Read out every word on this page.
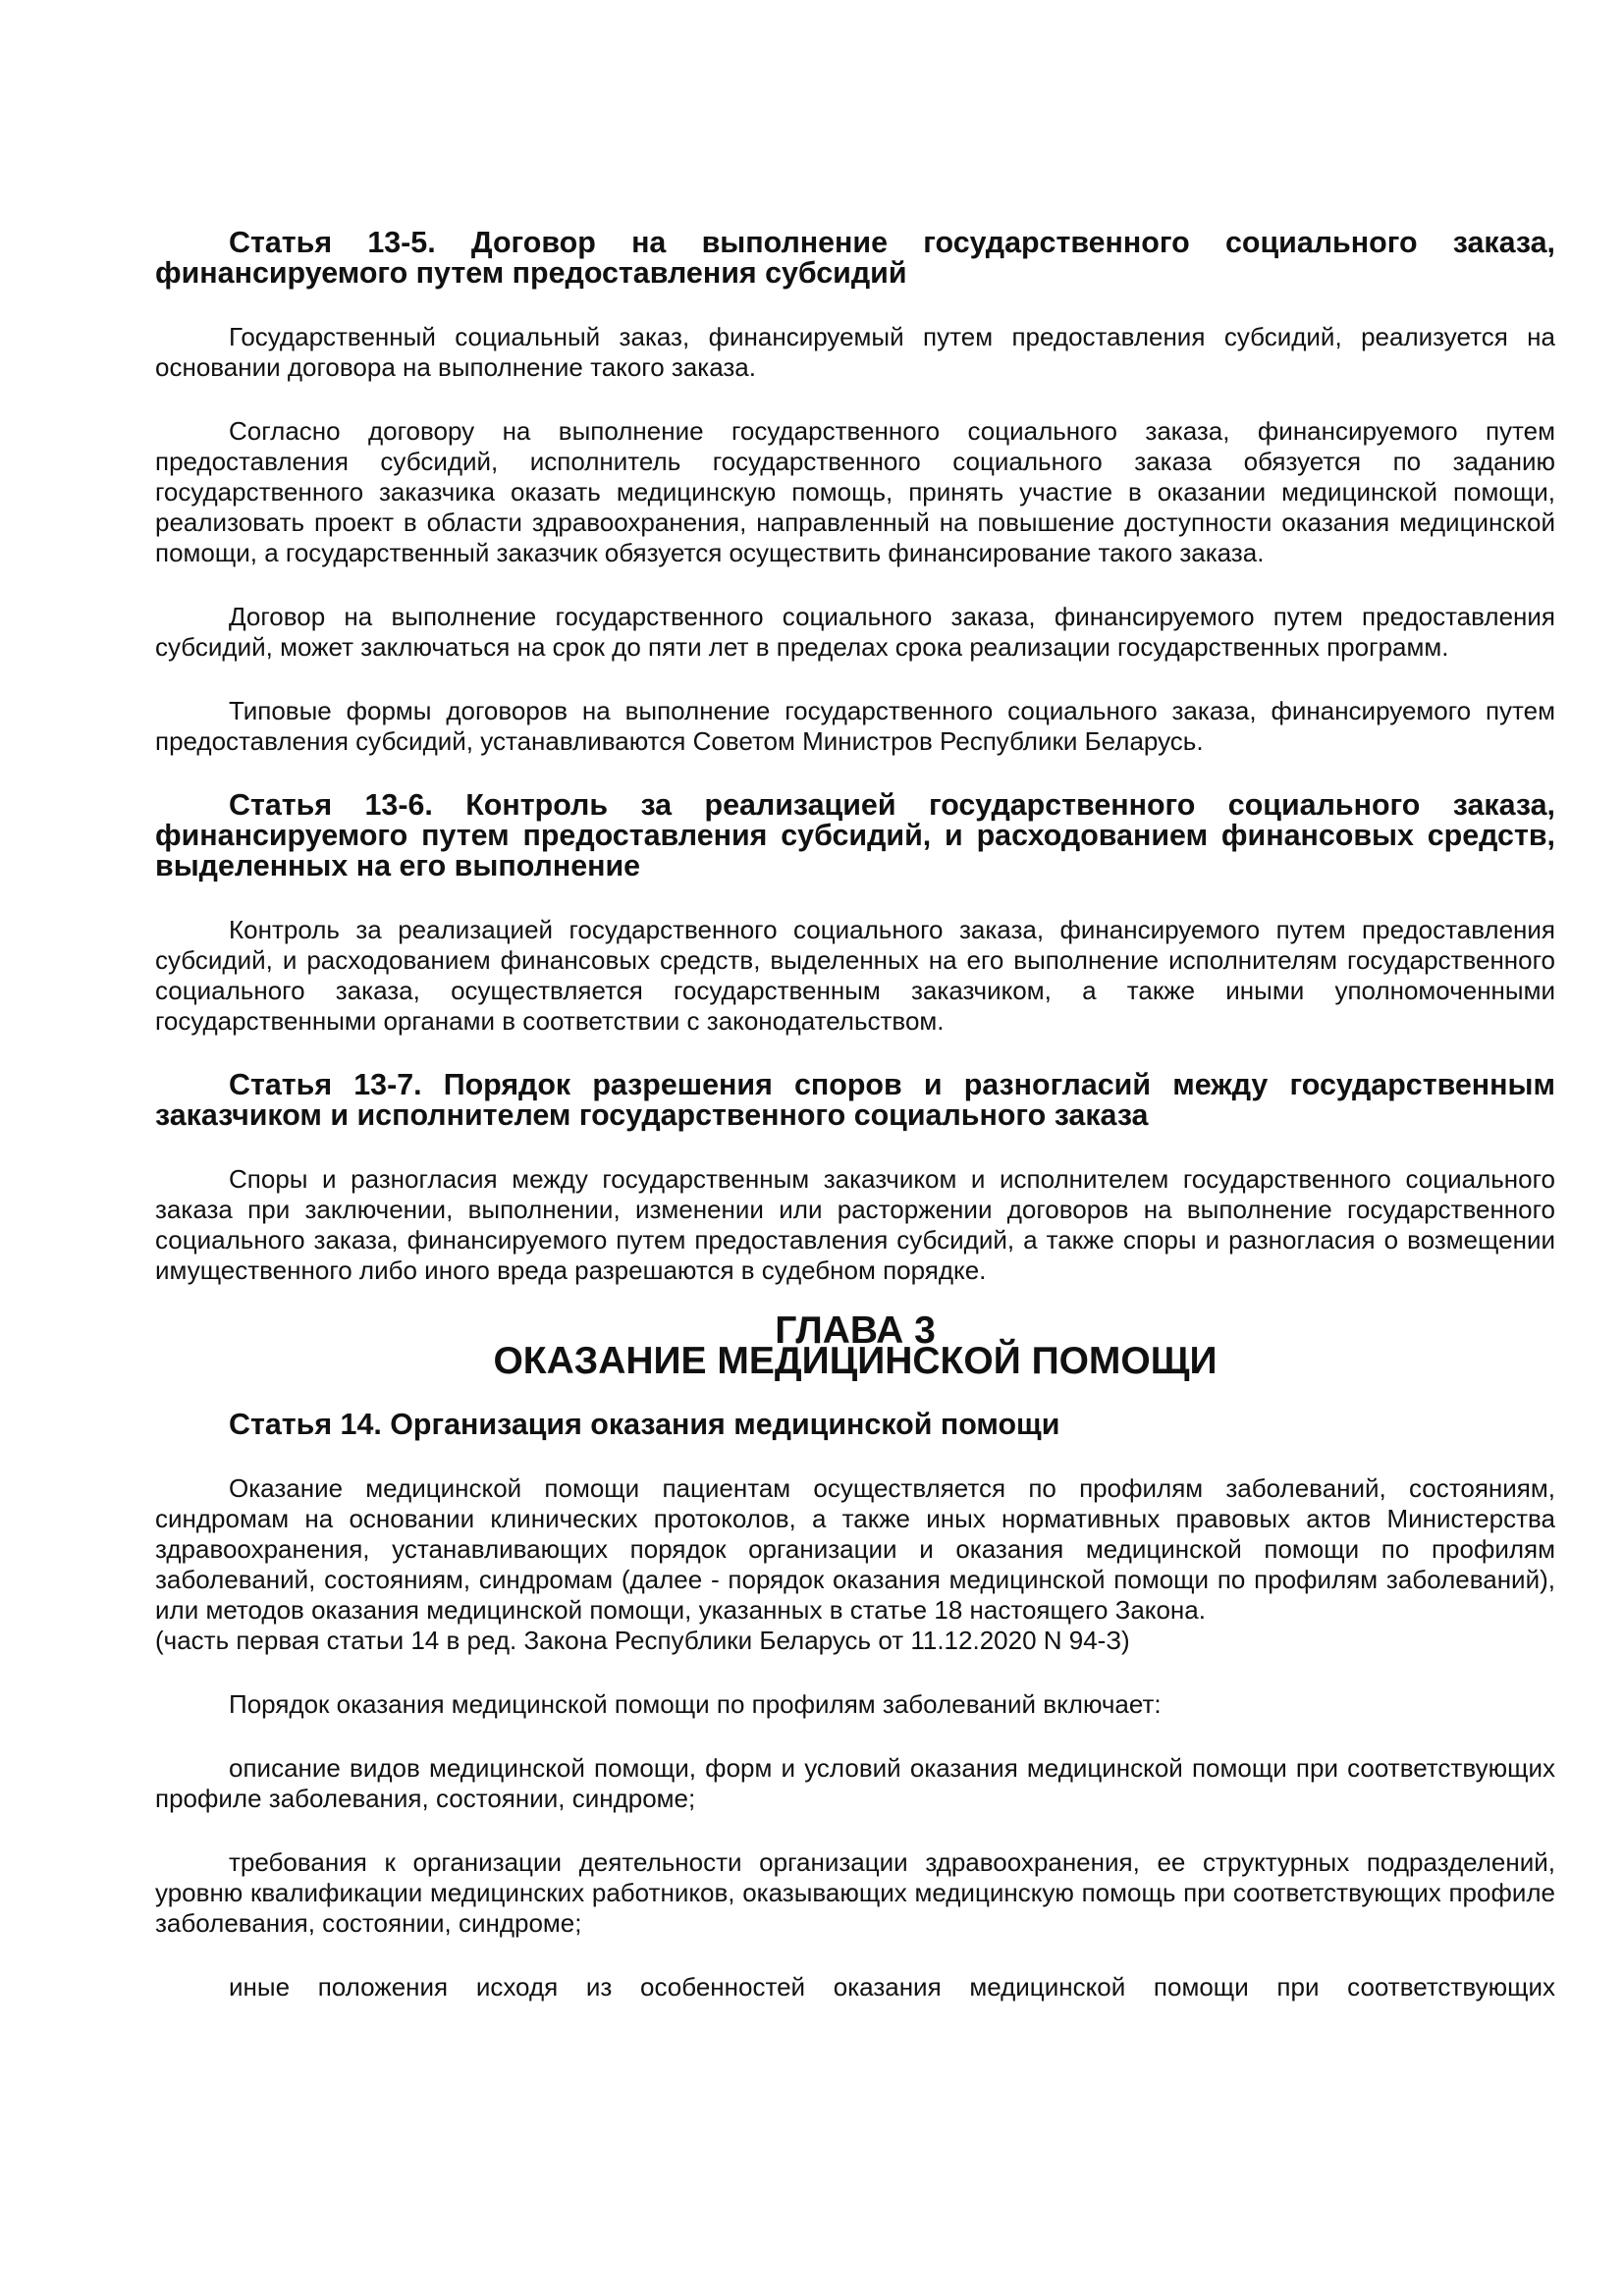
Статья 13-5. Договор на выполнение государственного социального заказа, финансируемого путем предоставления субсидий

Государственный социальный заказ, финансируемый путем предоставления субсидий, реализуется на основании договора на выполнение такого заказа.

Согласно договору на выполнение государственного социального заказа, финансируемого путем предоставления субсидий, исполнитель государственного социального заказа обязуется по заданию государственного заказчика оказать медицинскую помощь, принять участие в оказании медицинской помощи, реализовать проект в области здравоохранения, направленный на повышение доступности оказания медицинской помощи, а государственный заказчик обязуется осуществить финансирование такого заказа.

Договор на выполнение государственного социального заказа, финансируемого путем предоставления субсидий, может заключаться на срок до пяти лет в пределах срока реализации государственных программ.

Типовые формы договоров на выполнение государственного социального заказа, финансируемого путем предоставления субсидий, устанавливаются Советом Министров Республики Беларусь.

Статья 13-6. Контроль за реализацией государственного социального заказа, финансируемого путем предоставления субсидий, и расходованием финансовых средств, выделенных на его выполнение

Контроль за реализацией государственного социального заказа, финансируемого путем предоставления субсидий, и расходованием финансовых средств, выделенных на его выполнение исполнителям государственного социального заказа, осуществляется государственным заказчиком, а также иными уполномоченными государственными органами в соответствии с законодательством.

Статья 13-7. Порядок разрешения споров и разногласий между государственным заказчиком и исполнителем государственного социального заказа

Споры и разногласия между государственным заказчиком и исполнителем государственного социального заказа при заключении, выполнении, изменении или расторжении договоров на выполнение государственного социального заказа, финансируемого путем предоставления субсидий, а также споры и разногласия о возмещении имущественного либо иного вреда разрешаются в судебном порядке.

ГЛАВА 3
ОКАЗАНИЕ МЕДИЦИНСКОЙ ПОМОЩИ
Статья 14. Организация оказания медицинской помощи

Оказание медицинской помощи пациентам осуществляется по профилям заболеваний, состояниям, синдромам на основании клинических протоколов, а также иных нормативных правовых актов Министерства здравоохранения, устанавливающих порядок организации и оказания медицинской помощи по профилям заболеваний, состояниям, синдромам (далее - порядок оказания медицинской помощи по профилям заболеваний), или методов оказания медицинской помощи, указанных в статье 18 настоящего Закона.

(часть первая статьи 14 в ред. Закона Республики Беларусь от 11.12.2020 N 94-З)

Порядок оказания медицинской помощи по профилям заболеваний включает:

описание видов медицинской помощи, форм и условий оказания медицинской помощи при соответствующих профиле заболевания, состоянии, синдроме;

требования к организации деятельности организации здравоохранения, ее структурных подразделений, уровню квалификации медицинских работников, оказывающих медицинскую помощь при соответствующих профиле заболевания, состоянии, синдроме;

иные положения исходя из особенностей оказания медицинской помощи при соответствующих
